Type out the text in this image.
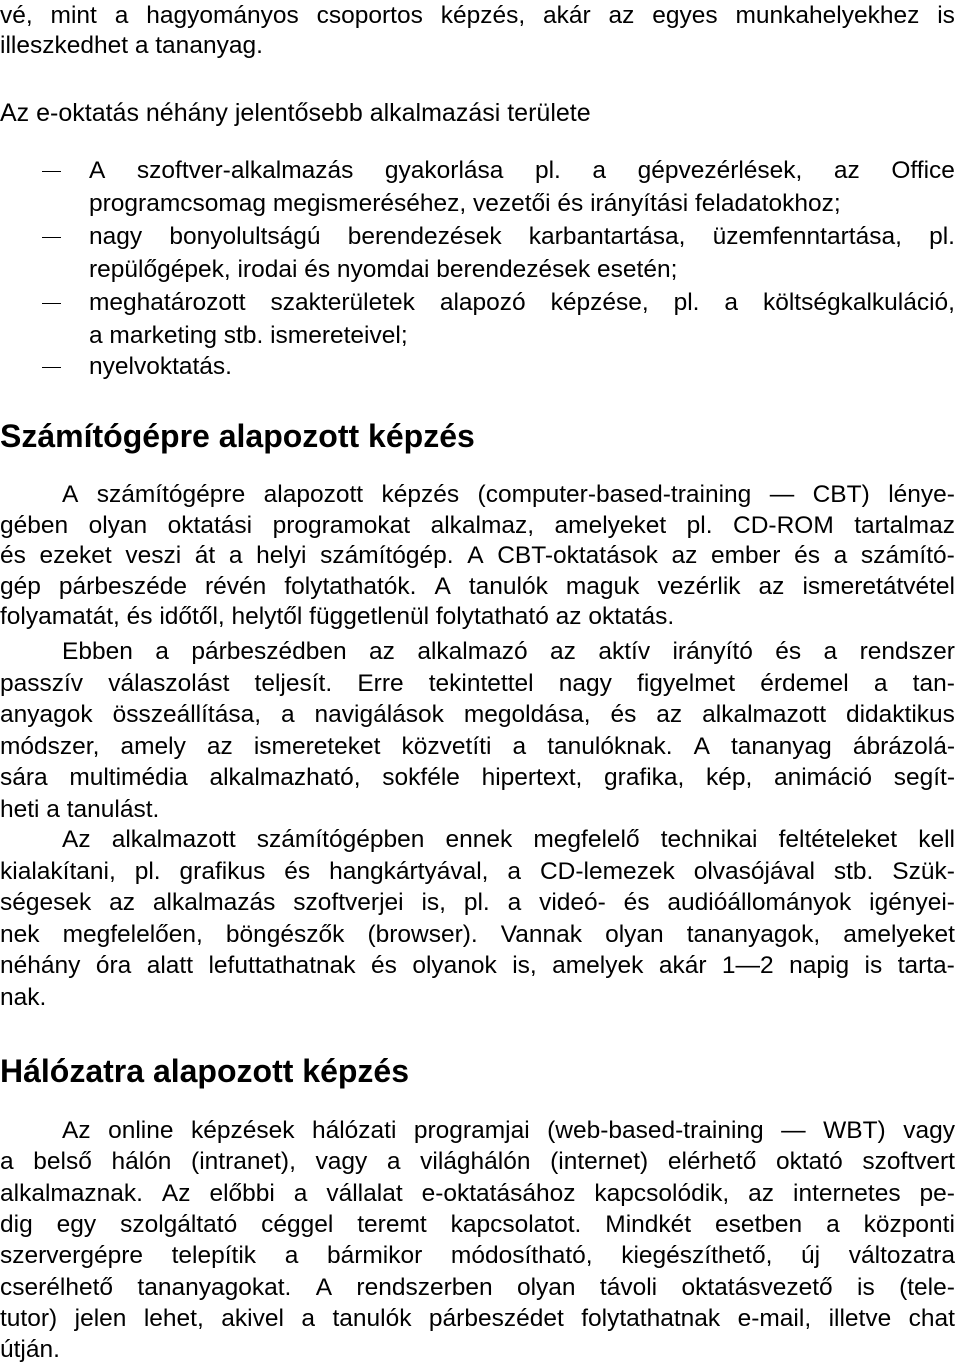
vé, mint a hagyományos csoportos képzés, akár az egyes munkahelyekhez is
illeszkedhet a tananyag.
Az e-oktatás néhány jelentősebb alkalmazási területe
A szoftver-alkalmazás gyakorlása pl. a gépvezérlések, az Office
programcsomag megismeréséhez, vezetői és irányítási feladatokhoz;
nagy bonyolultságú berendezések karbantartása, üzemfenntartása, pl.
repülőgépek, irodai és nyomdai berendezések esetén;
meghatározott szakterületek alapozó képzése, pl. a költségkalkuláció,
a marketing stb. ismereteivel;
nyelvoktatás.
Számítógépre alapozott képzés
A számítógépre alapozott képzés (computer-based-training — CBT) lénye-
gében olyan oktatási programokat alkalmaz, amelyeket pl. CD-ROM tartalmaz
és ezeket veszi át a helyi számítógép. A CBT-oktatások az ember és a számító-
gép párbeszéde révén folytathatók. A tanulók maguk vezérlik az ismeretátvétel
folyamatát, és időtől, helytől függetlenül folytatható az oktatás.
Ebben a párbeszédben az alkalmazó az aktív irányító és a rendszer
passzív válaszolást teljesít. Erre tekintettel nagy figyelmet érdemel a tan-
anyagok összeállítása, a navigálások megoldása, és az alkalmazott didaktikus
módszer, amely az ismereteket közvetíti a tanulóknak. A tananyag ábrázolá-
sára multimédia alkalmazható, sokféle hipertext, grafika, kép, animáció segít-
heti a tanulást.
Az alkalmazott számítógépben ennek megfelelő technikai feltételeket kell
kialakítani, pl. grafikus és hangkártyával, a CD-lemezek olvasójával stb. Szük-
ségesek az alkalmazás szoftverjei is, pl. a videó- és audióállományok igényei-
nek megfelelően, böngészők (browser). Vannak olyan tananyagok, amelyeket
néhány óra alatt lefuttathatnak és olyanok is, amelyek akár 1—2 napig is tarta-
nak.
Hálózatra alapozott képzés
Az online képzések hálózati programjai (web-based-training — WBT) vagy
a belső hálón (intranet), vagy a világhálón (internet) elérhető oktató szoftvert
alkalmaznak. Az előbbi a vállalat e-oktatásához kapcsolódik, az internetes pe-
dig egy szolgáltató céggel teremt kapcsolatot. Mindkét esetben a központi
szervergépre telepítik a bármikor módosítható, kiegészíthető, új változatra
cserélhető tananyagokat. A rendszerben olyan távoli oktatásvezető is (tele-
tutor) jelen lehet, akivel a tanulók párbeszédet folytathatnak e-mail, illetve chat
útján.
